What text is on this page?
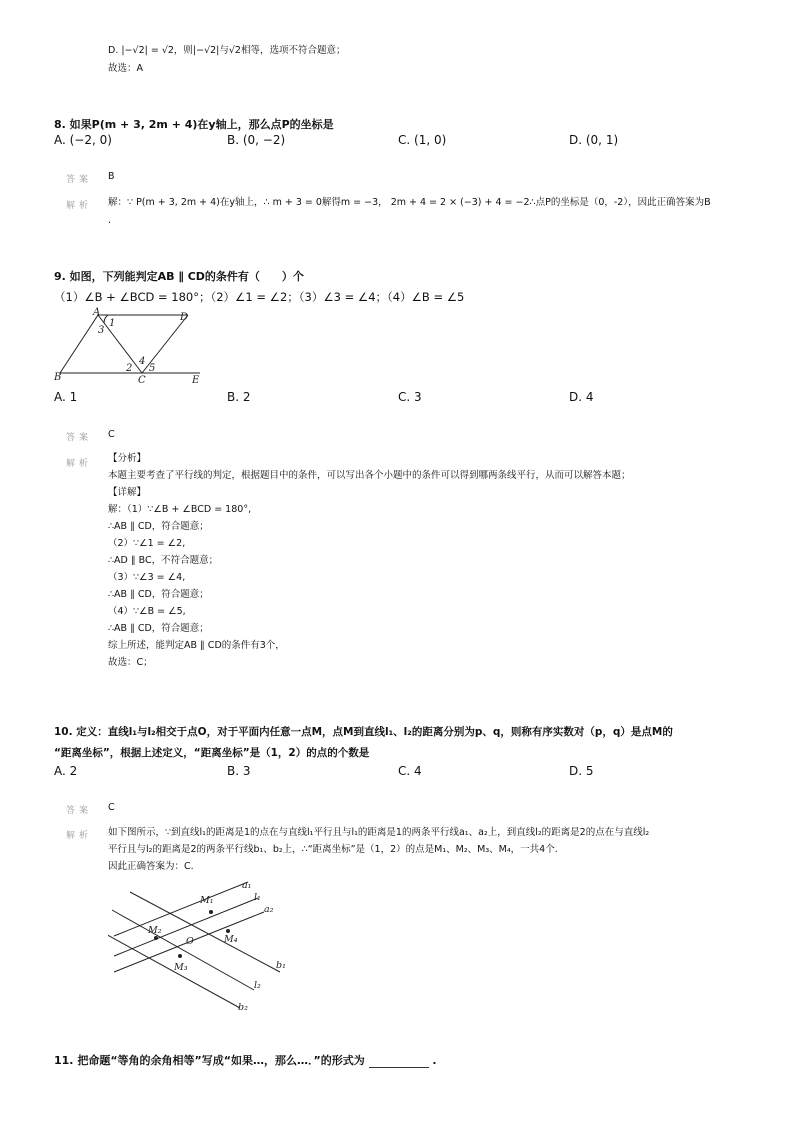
D. |−√2| = √2，则|−√2|与√2相等，选项不符合题意；
故选：A
8. 如果P(m + 3, 2m + 4)在y轴上，那么点P的坐标是
A. (−2, 0)	B. (0, −2)	C. (1, 0)	D. (0, 1)
答案 B
解析 解：∵ P(m + 3, 2m + 4)在y轴上，∴ m + 3 = 0解得m = −3， 2m + 4 = 2 × (−3) + 4 = −2∴点P的坐标是（0，-2），因此正确答案为B
.
9. 如图，下列能判定AB ∥ CD的条件有（　　）个
（1）∠B + ∠BCD = 180°；（2）∠1 = ∠2；（3）∠3 = ∠4；（4）∠B = ∠5
A	D
1
3
4
2 5
B	C	E
A. 1	B. 2	C. 3	D. 4
答案 C
解析 【分析】
本题主要考查了平行线的判定，根据题目中的条件，可以写出各个小题中的条件可以得到哪两条线平行，从而可以解答本题；
【详解】
解：（1）∵∠B + ∠BCD = 180°,
∴AB ∥ CD，符合题意；
（2）∵∠1 = ∠2,
∴AD ∥ BC，不符合题意；
（3）∵∠3 = ∠4,
∴AB ∥ CD，符合题意；
（4）∵∠B = ∠5,
∴AB ∥ CD，符合题意；
综上所述，能判定AB ∥ CD的条件有3个，
故选：C；
10. 定义：直线l₁与l₂相交于点O，对于平面内任意一点M，点M到直线l₁、l₂的距离分别为p、q，则称有序实数对（p，q）是点M的
“距离坐标”，根据上述定义，“距离坐标”是（1，2）的点的个数是
A. 2	B. 3	C. 4	D. 5
答案 C
解析 如下图所示，∵到直线l₁的距离是1的点在与直线l₁平行且与l₁的距离是1的两条平行线a₁、a₂上，到直线l₂的距离是2的点在与直线l₂
平行且与l₂的距离是2的两条平行线b₁、b₂上，∴“距离坐标”是（1，2）的点是M₁、M₂、M₃、M₄，一共4个.
因此正确答案为：C.
a₁
l₁
a₂
M₁
M₂
O	M₄
M₃	b₁
l₂
b₂
11. 把命题“等角的余角相等”写成“如果…，那么…．”的形式为	.
